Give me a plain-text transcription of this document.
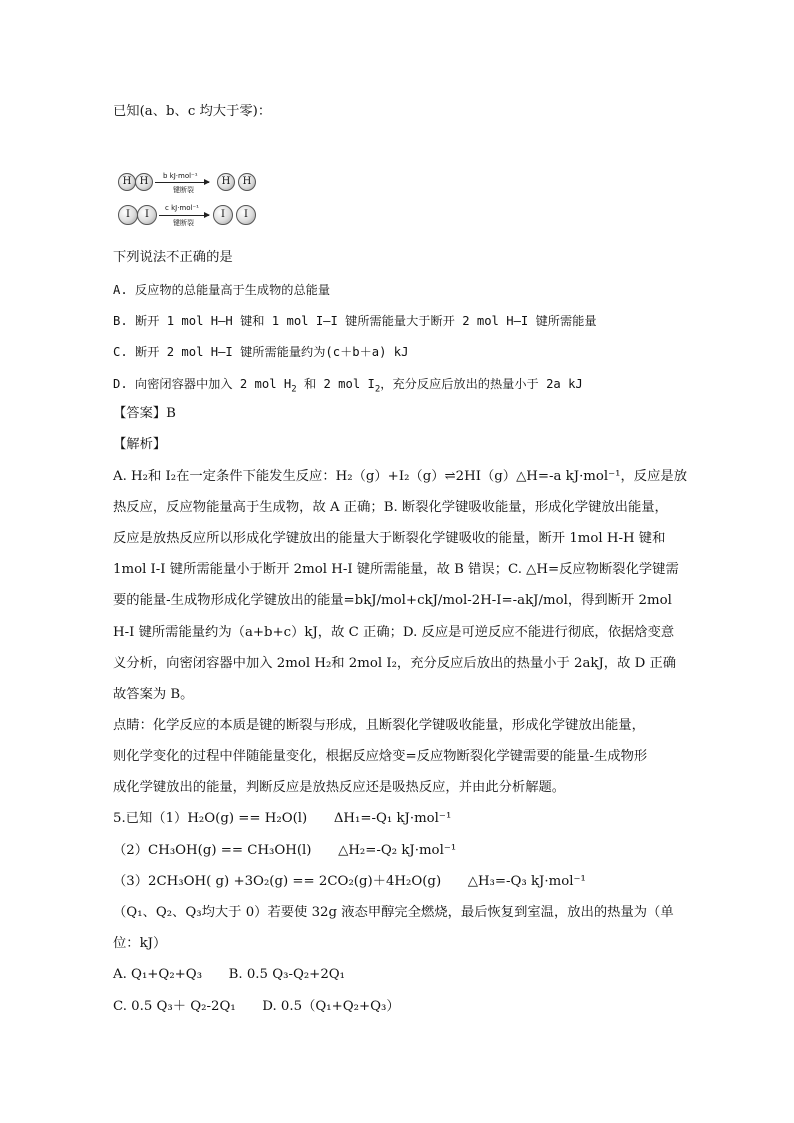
已知(a、b、c 均大于零)：
H H	b kJ·mol⁻¹
键断裂
H	H
I	I
c kJ·mol⁻¹
键断裂
I	I
下列说法不正确的是
A. 反应物的总能量高于生成物的总能量
B. 断开 1 mol H—H 键和 1 mol I—I 键所需能量大于断开 2 mol H—I 键所需能量
C. 断开 2 mol H—I 键所需能量约为(c＋b＋a) kJ
D. 向密闭容器中加入 2 mol $H_2$ 和 2 mol $I_2$，充分反应后放出的热量小于 2a kJ
【答案】B
【解析】
A. H₂和 I₂在一定条件下能发生反应：H₂（g）+I₂（g）⇌2HI（g）△H=-a kJ·mol⁻¹，反应是放
热反应，反应物能量高于生成物，故 A 正确；B. 断裂化学键吸收能量，形成化学键放出能量，
反应是放热反应所以形成化学键放出的能量大于断裂化学键吸收的能量，断开 1mol H-H 键和
1mol I-I 键所需能量小于断开 2mol H-I 键所需能量，故 B 错误；C. △H=反应物断裂化学键需
要的能量-生成物形成化学键放出的能量=bkJ/mol+ckJ/mol-2H-I=-akJ/mol，得到断开 2mol
H-I 键所需能量约为（a+b+c）kJ，故 C 正确；D. 反应是可逆反应不能进行彻底，依据焓变意
义分析，向密闭容器中加入 2mol H₂和 2mol I₂，充分反应后放出的热量小于 2akJ，故 D 正确
故答案为 B。
点睛：化学反应的本质是键的断裂与形成，且断裂化学键吸收能量，形成化学键放出能量，
则化学变化的过程中伴随能量变化，根据反应焓变=反应物断裂化学键需要的能量-生成物形
成化学键放出的能量，判断反应是放热反应还是吸热反应，并由此分析解题。
5.已知（1）H₂O(g) == H₂O(l)　　ΔH₁=-Q₁ kJ·mol⁻¹
（2）CH₃OH(g) == CH₃OH(l)　　△H₂=-Q₂ kJ·mol⁻¹
（3）2CH₃OH( g) +3O₂(g) == 2CO₂(g)＋4H₂O(g)　　△H₃=-Q₃ kJ·mol⁻¹
（Q₁、Q₂、Q₃均大于 0）若要使 32g 液态甲醇完全燃烧，最后恢复到室温，放出的热量为（单
位：kJ）
A. Q₁+Q₂+Q₃　　B. 0.5 Q₃-Q₂+2Q₁
C. 0.5 Q₃＋ Q₂-2Q₁　　D. 0.5（Q₁+Q₂+Q₃）
